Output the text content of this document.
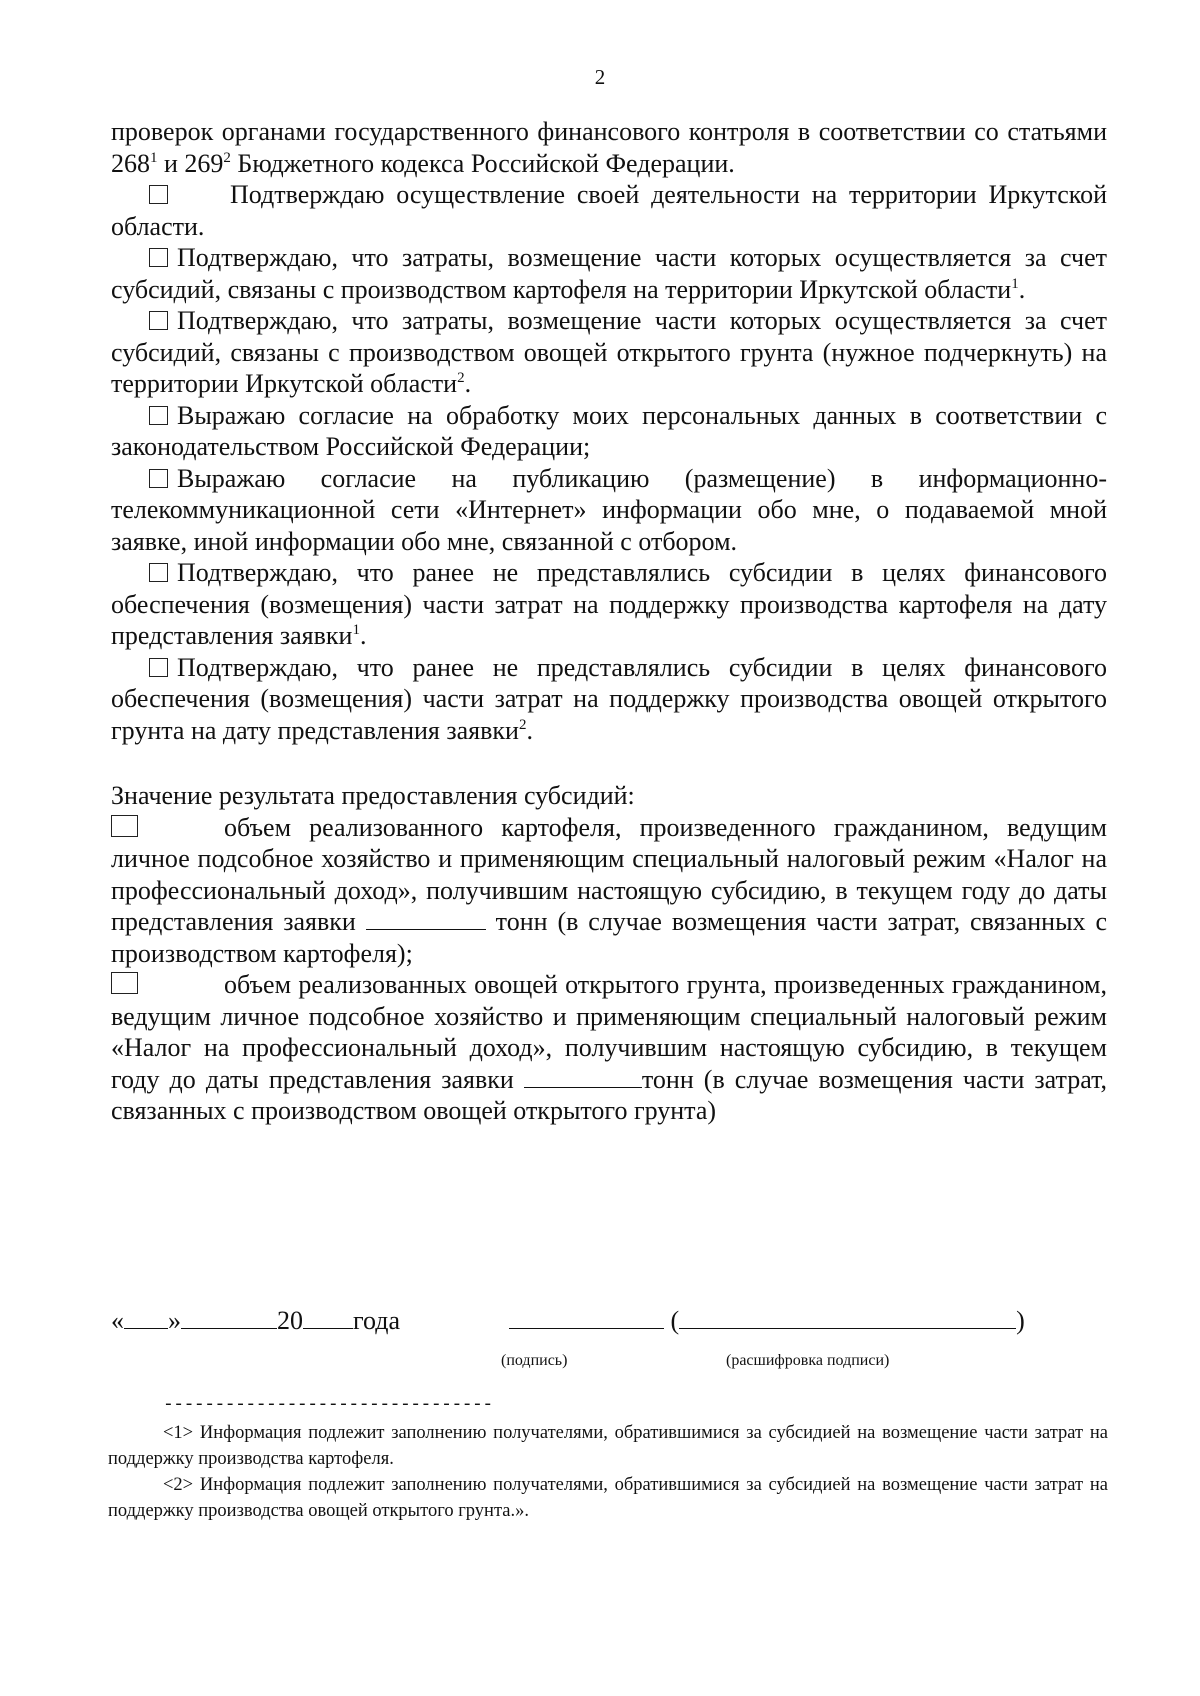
2

проверок органами государственного финансового контроля в соответствии со статьями $268^1$ и $269^2$ Бюджетного кодекса Российской Федерации.

Подтверждаю осуществление своей деятельности на территории Иркутской области.

Подтверждаю, что затраты, возмещение части которых осуществляется за счет субсидий, связаны с производством картофеля на территории Иркутской области$^1$.

Подтверждаю, что затраты, возмещение части которых осуществляется за счет субсидий, связаны с производством овощей открытого грунта (нужное подчеркнуть) на территории Иркутской области$^2$.

Выражаю согласие на обработку моих персональных данных в соответствии с законодательством Российской Федерации;

Выражаю согласие на публикацию (размещение) в информационно-телекоммуникационной сети «Интернет» информации обо мне, о подаваемой мной заявке, иной информации обо мне, связанной с отбором.

Подтверждаю, что ранее не представлялись субсидии в целях финансового обеспечения (возмещения) части затрат на поддержку производства картофеля на дату представления заявки$^1$.

Подтверждаю, что ранее не представлялись субсидии в целях финансового обеспечения (возмещения) части затрат на поддержку производства овощей открытого грунта на дату представления заявки$^2$.

Значение результата предоставления субсидий:

объем реализованного картофеля, произведенного гражданином, ведущим личное подсобное хозяйство и применяющим специальный налоговый режим «Налог на профессиональный доход», получившим настоящую субсидию, в текущем году до даты представления заявки	тонн (в случае возмещения части затрат, связанных с производством картофеля);

объем реализованных овощей открытого грунта, произведенных гражданином, ведущим личное подсобное хозяйство и применяющим специальный налоговый режим «Налог на профессиональный доход», получившим настоящую субсидию, в текущем году до даты представления заявки	тонн (в случае возмещения части затрат, связанных с производством овощей открытого грунта)

« »	20 года	(	)
(подпись)	(расшифровка подписи)
--------------------------------

<1> Информация подлежит заполнению получателями, обратившимися за субсидией на возмещение части затрат на поддержку производства картофеля.

<2> Информация подлежит заполнению получателями, обратившимися за субсидией на возмещение части затрат на поддержку производства овощей открытого грунта.».
